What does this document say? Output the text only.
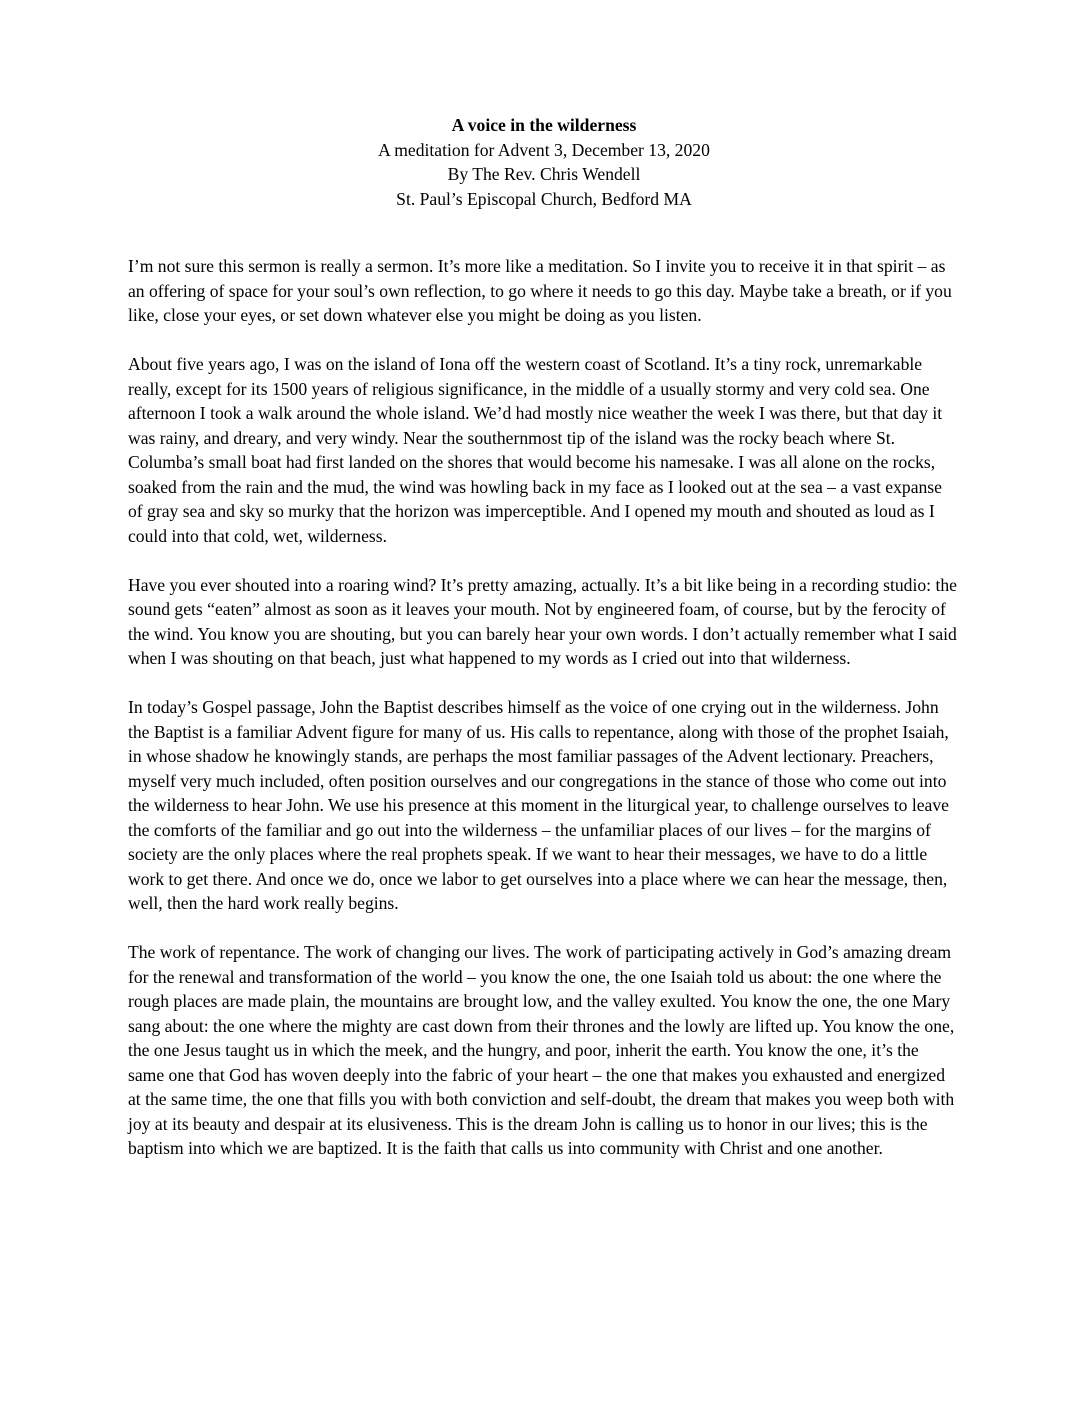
A voice in the wilderness
A meditation for Advent 3, December 13, 2020
By The Rev. Chris Wendell
St. Paul’s Episcopal Church, Bedford MA

I’m not sure this sermon is really a sermon. It’s more like a meditation. So I invite you to receive it in that spirit – as an offering of space for your soul’s own reflection, to go where it needs to go this day. Maybe take a breath, or if you like, close your eyes, or set down whatever else you might be doing as you listen.

About five years ago, I was on the island of Iona off the western coast of Scotland. It’s a tiny rock, unremarkable really, except for its 1500 years of religious significance, in the middle of a usually stormy and very cold sea. One afternoon I took a walk around the whole island. We’d had mostly nice weather the week I was there, but that day it was rainy, and dreary, and very windy. Near the southernmost tip of the island was the rocky beach where St. Columba’s small boat had first landed on the shores that would become his namesake. I was all alone on the rocks, soaked from the rain and the mud, the wind was howling back in my face as I looked out at the sea – a vast expanse of gray sea and sky so murky that the horizon was imperceptible. And I opened my mouth and shouted as loud as I could into that cold, wet, wilderness.

Have you ever shouted into a roaring wind? It’s pretty amazing, actually. It’s a bit like being in a recording studio: the sound gets “eaten” almost as soon as it leaves your mouth. Not by engineered foam, of course, but by the ferocity of the wind. You know you are shouting, but you can barely hear your own words. I don’t actually remember what I said when I was shouting on that beach, just what happened to my words as I cried out into that wilderness.

In today’s Gospel passage, John the Baptist describes himself as the voice of one crying out in the wilderness. John the Baptist is a familiar Advent figure for many of us. His calls to repentance, along with those of the prophet Isaiah, in whose shadow he knowingly stands, are perhaps the most familiar passages of the Advent lectionary. Preachers, myself very much included, often position ourselves and our congregations in the stance of those who come out into the wilderness to hear John. We use his presence at this moment in the liturgical year, to challenge ourselves to leave the comforts of the familiar and go out into the wilderness – the unfamiliar places of our lives – for the margins of society are the only places where the real prophets speak. If we want to hear their messages, we have to do a little work to get there. And once we do, once we labor to get ourselves into a place where we can hear the message, then, well, then the hard work really begins.

The work of repentance. The work of changing our lives. The work of participating actively in God’s amazing dream for the renewal and transformation of the world – you know the one, the one Isaiah told us about: the one where the rough places are made plain, the mountains are brought low, and the valley exulted. You know the one, the one Mary sang about: the one where the mighty are cast down from their thrones and the lowly are lifted up. You know the one, the one Jesus taught us in which the meek, and the hungry, and poor, inherit the earth. You know the one, it’s the same one that God has woven deeply into the fabric of your heart – the one that makes you exhausted and energized at the same time, the one that fills you with both conviction and self-doubt, the dream that makes you weep both with joy at its beauty and despair at its elusiveness. This is the dream John is calling us to honor in our lives; this is the baptism into which we are baptized. It is the faith that calls us into community with Christ and one another.
